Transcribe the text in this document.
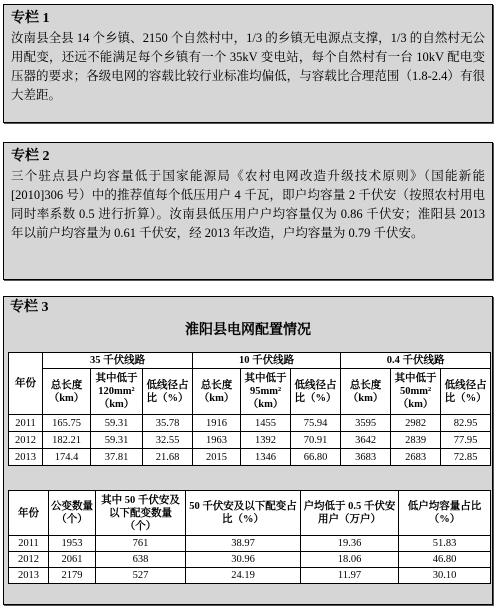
专栏 1

汝南县全县 14 个乡镇、2150 个自然村中，1/3 的乡镇无电源点支撑，1/3 的自然村无公用配变，还远不能满足每个乡镇有一个 35kV 变电站，每个自然村有一台 10kV 配电变压器的要求；各级电网的容载比较行业标准均偏低，与容载比合理范围（1.8-2.4）有很大差距。

专栏 2

三个驻点县户均容量低于国家能源局《农村电网改造升级技术原则》（国能新能[2010]306 号）中的推荐值每个低压用户 4 千瓦，即户均容量 2 千伏安（按照农村用电同时率系数 0.5 进行折算）。汝南县低压用户户均容量仅为 0.86 千伏安；淮阳县 2013 年以前户均容量为 0.61 千伏安，经 2013 年改造，户均容量为 0.79 千伏安。

专栏 3
淮阳县电网配置情况
年份	35 千伏线路			10 千伏线路			0.4 千伏线路		
	总长度（km）	其中低于 120mm²（km）	低线径占比（%）	总长度（km）	其中低于 95mm²（km）	低线径占比（%）	总长度（km）	其中低于 50mm²（km）	低线径占比（%）
2011	165.75	59.31	35.78	1916	1455	75.94	3595	2982	82.95
2012	182.21	59.31	32.55	1963	1392	70.91	3642	2839	77.95
2013	174.4	37.81	21.68	2015	1346	66.80	3683	2683	72.85
年份	公变数量（个）	其中 50 千伏安及以下配变数量（个）	50 千伏安及以下配变占比（%）	户均低于 0.5 千伏安用户（万户）	低户均容量占比（%）
2011	1953	761	38.97	19.36	51.83
2012	2061	638	30.96	18.06	46.80
2013	2179	527	24.19	11.97	30.10
